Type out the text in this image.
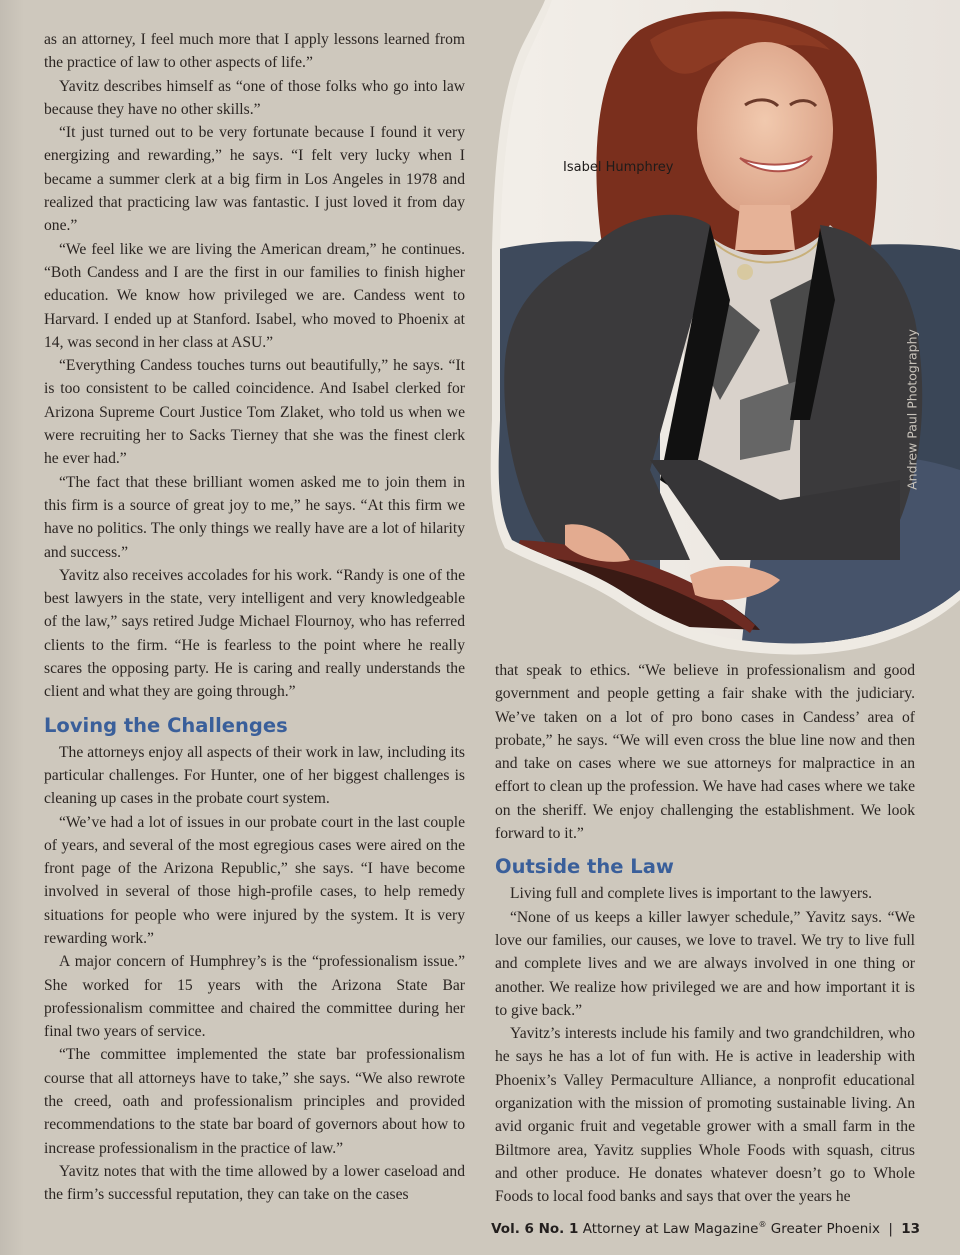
Isabel Humphrey
Andrew Paul Photography

as an attorney, I feel much more that I apply lessons learned from the practice of law to other aspects of life.”

Yavitz describes himself as “one of those folks who go into law because they have no other skills.”

“It just turned out to be very fortunate because I found it very energizing and rewarding,” he says. “I felt very lucky when I became a summer clerk at a big firm in Los Angeles in 1978 and realized that practicing law was fantastic. I just loved it from day one.”

“We feel like we are living the American dream,” he continues. “Both Candess and I are the first in our families to finish higher education. We know how privileged we are. Candess went to Harvard. I ended up at Stanford. Isabel, who moved to Phoenix at 14, was second in her class at ASU.”

“Everything Candess touches turns out beautifully,” he says. “It is too consistent to be called coincidence. And Isabel clerked for Arizona Supreme Court Justice Tom Zlaket, who told us when we were recruiting her to Sacks Tierney that she was the finest clerk he ever had.”

“The fact that these brilliant women asked me to join them in this firm is a source of great joy to me,” he says. “At this firm we have no politics. The only things we really have are a lot of hilarity and success.”

Yavitz also receives accolades for his work. “Randy is one of the best lawyers in the state, very intelligent and very knowledgeable of the law,” says retired Judge Michael Flournoy, who has referred clients to the firm. “He is fearless to the point where he really scares the opposing party. He is caring and really understands the client and what they are going through.”

Loving the Challenges

The attorneys enjoy all aspects of their work in law, including its particular challenges. For Hunter, one of her biggest challenges is cleaning up cases in the probate court system.

“We’ve had a lot of issues in our probate court in the last couple of years, and several of the most egregious cases were aired on the front page of the Arizona Republic,” she says. “I have become involved in several of those high-profile cases, to help remedy situations for people who were injured by the system. It is very rewarding work.”

A major concern of Humphrey’s is the “professionalism issue.” She worked for 15 years with the Arizona State Bar professionalism committee and chaired the committee during her final two years of service.

“The committee implemented the state bar professionalism course that all attorneys have to take,” she says. “We also rewrote the creed, oath and professionalism principles and provided recommendations to the state bar board of governors about how to increase professionalism in the practice of law.”

Yavitz notes that with the time allowed by a lower caseload and the firm’s successful reputation, they can take on the cases

that speak to ethics. “We believe in professionalism and good government and people getting a fair shake with the judiciary. We’ve taken on a lot of pro bono cases in Candess’ area of probate,” he says. “We will even cross the blue line now and then and take on cases where we sue attorneys for malpractice in an effort to clean up the profession. We have had cases where we take on the sheriff. We enjoy challenging the establishment. We look forward to it.”

Outside the Law

Living full and complete lives is important to the lawyers.

“None of us keeps a killer lawyer schedule,” Yavitz says. “We love our families, our causes, we love to travel. We try to live full and complete lives and we are always involved in one thing or another. We realize how privileged we are and how important it is to give back.”

Yavitz’s interests include his family and two grandchildren, who he says he has a lot of fun with. He is active in leadership with Phoenix’s Valley Permaculture Alliance, a nonprofit educational organization with the mission of promoting sustainable living. An avid organic fruit and vegetable grower with a small farm in the Biltmore area, Yavitz supplies Whole Foods with squash, citrus and other produce. He donates whatever doesn’t go to Whole Foods to local food banks and says that over the years he

Vol. 6 No. 1 Attorney at Law Magazine® Greater Phoenix | 13
